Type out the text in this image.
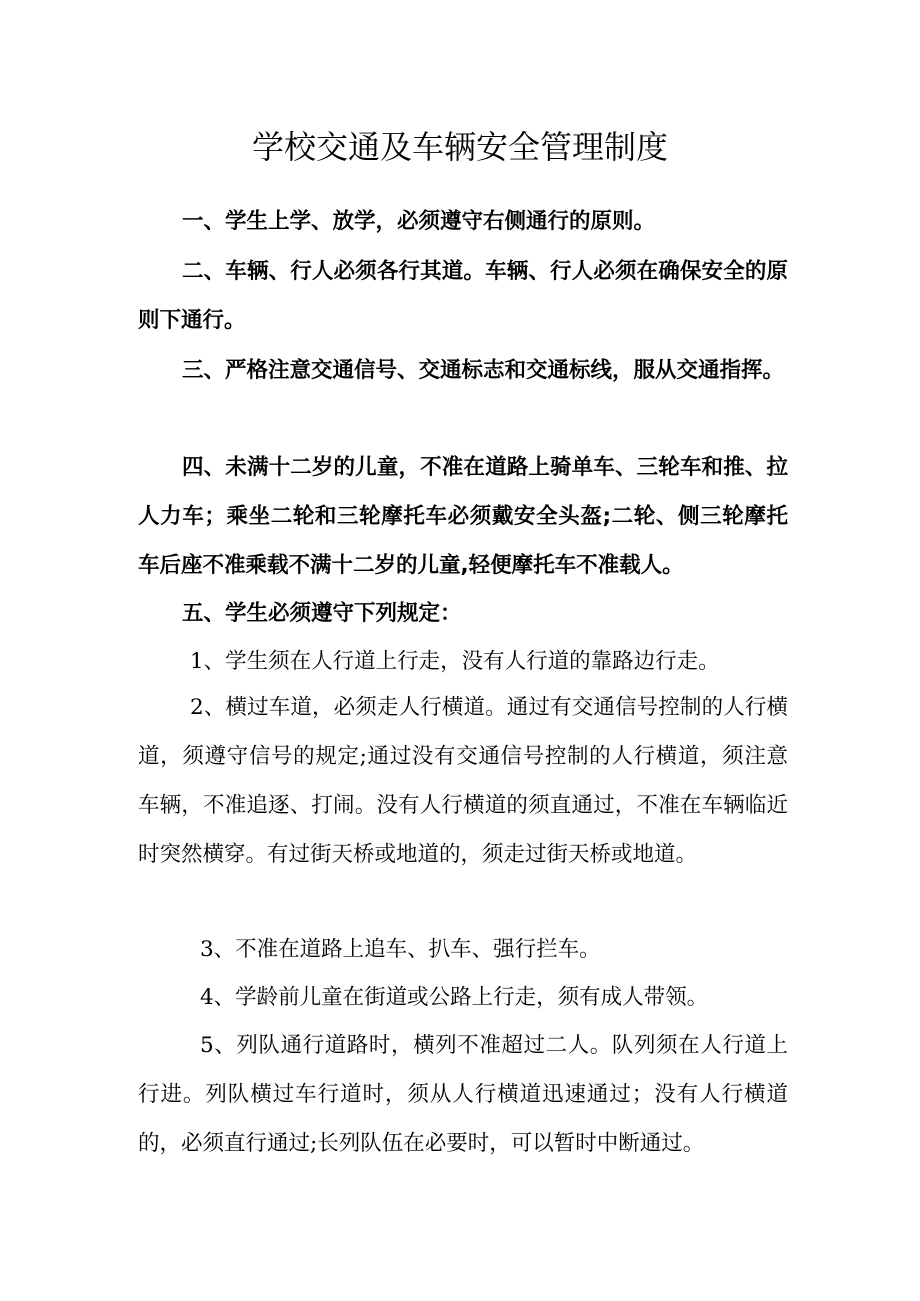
学校交通及车辆安全管理制度

一、学生上学、放学，必须遵守右侧通行的原则。

二、车辆、行人必须各行其道。车辆、行人必须在确保安全的原则下通行。

三、严格注意交通信号、交通标志和交通标线，服从交通指挥。

四、未满十二岁的儿童，不准在道路上骑单车、三轮车和推、拉人力车；乘坐二轮和三轮摩托车必须戴安全头盔;二轮、侧三轮摩托车后座不准乘载不满十二岁的儿童,轻便摩托车不准载人。

五、学生必须遵守下列规定：

1、学生须在人行道上行走，没有人行道的靠路边行走。

2、横过车道，必须走人行横道。通过有交通信号控制的人行横道，须遵守信号的规定;通过没有交通信号控制的人行横道，须注意车辆，不准追逐、打闹。没有人行横道的须直通过，不准在车辆临近时突然横穿。有过街天桥或地道的，须走过街天桥或地道。

3、不准在道路上追车、扒车、强行拦车。

4、学龄前儿童在街道或公路上行走，须有成人带领。

5、列队通行道路时，横列不准超过二人。队列须在人行道上行进。列队横过车行道时，须从人行横道迅速通过；没有人行横道的，必须直行通过;长列队伍在必要时，可以暂时中断通过。
